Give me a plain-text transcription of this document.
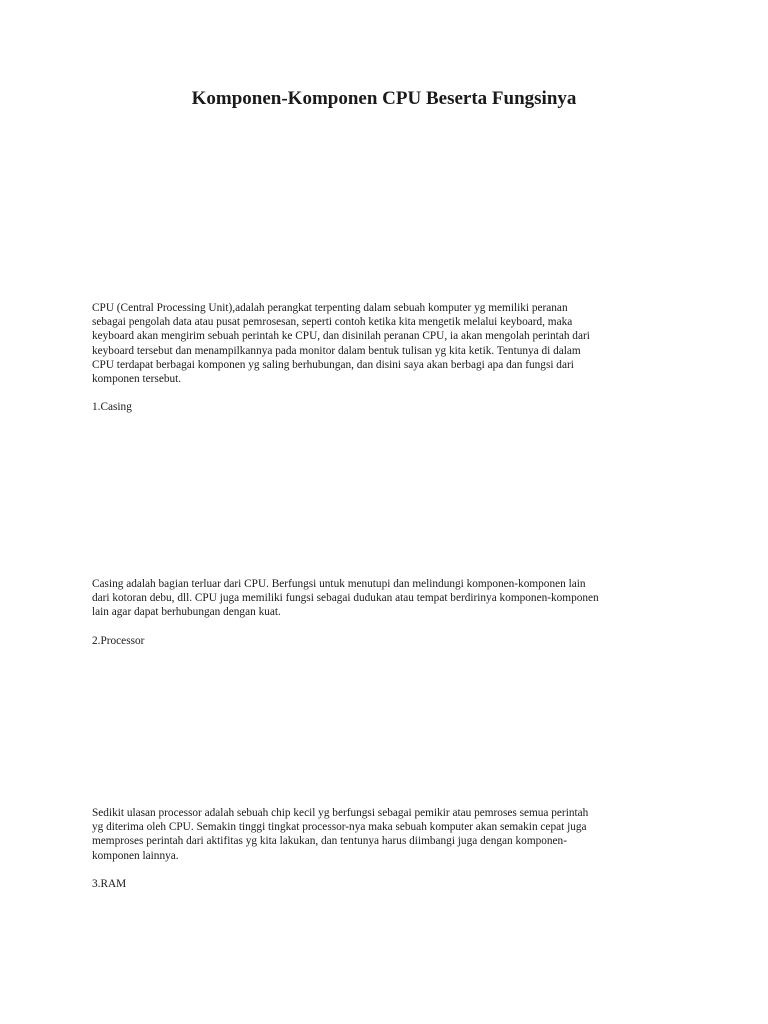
Komponen-Komponen CPU Beserta Fungsinya

CPU (Central Processing Unit),adalah perangkat terpenting dalam sebuah komputer yg memiliki peranan
sebagai pengolah data atau pusat pemrosesan, seperti contoh ketika kita mengetik melalui keyboard, maka
keyboard akan mengirim sebuah perintah ke CPU, dan disinilah peranan CPU, ia akan mengolah perintah dari
keyboard tersebut dan menampilkannya pada monitor dalam bentuk tulisan yg kita ketik. Tentunya di dalam
CPU terdapat berbagai komponen yg saling berhubungan, dan disini saya akan berbagi apa dan fungsi dari
komponen tersebut.

1.Casing

Casing adalah bagian terluar dari CPU. Berfungsi untuk menutupi dan melindungi komponen-komponen lain
dari kotoran debu, dll. CPU juga memiliki fungsi sebagai dudukan atau tempat berdirinya komponen-komponen
lain agar dapat berhubungan dengan kuat.

2.Processor

Sedikit ulasan processor adalah sebuah chip kecil yg berfungsi sebagai pemikir atau pemroses semua perintah
yg diterima oleh CPU. Semakin tinggi tingkat processor-nya maka sebuah komputer akan semakin cepat juga
memproses perintah dari aktifitas yg kita lakukan, dan tentunya harus diimbangi juga dengan komponen-
komponen lainnya.

3.RAM
